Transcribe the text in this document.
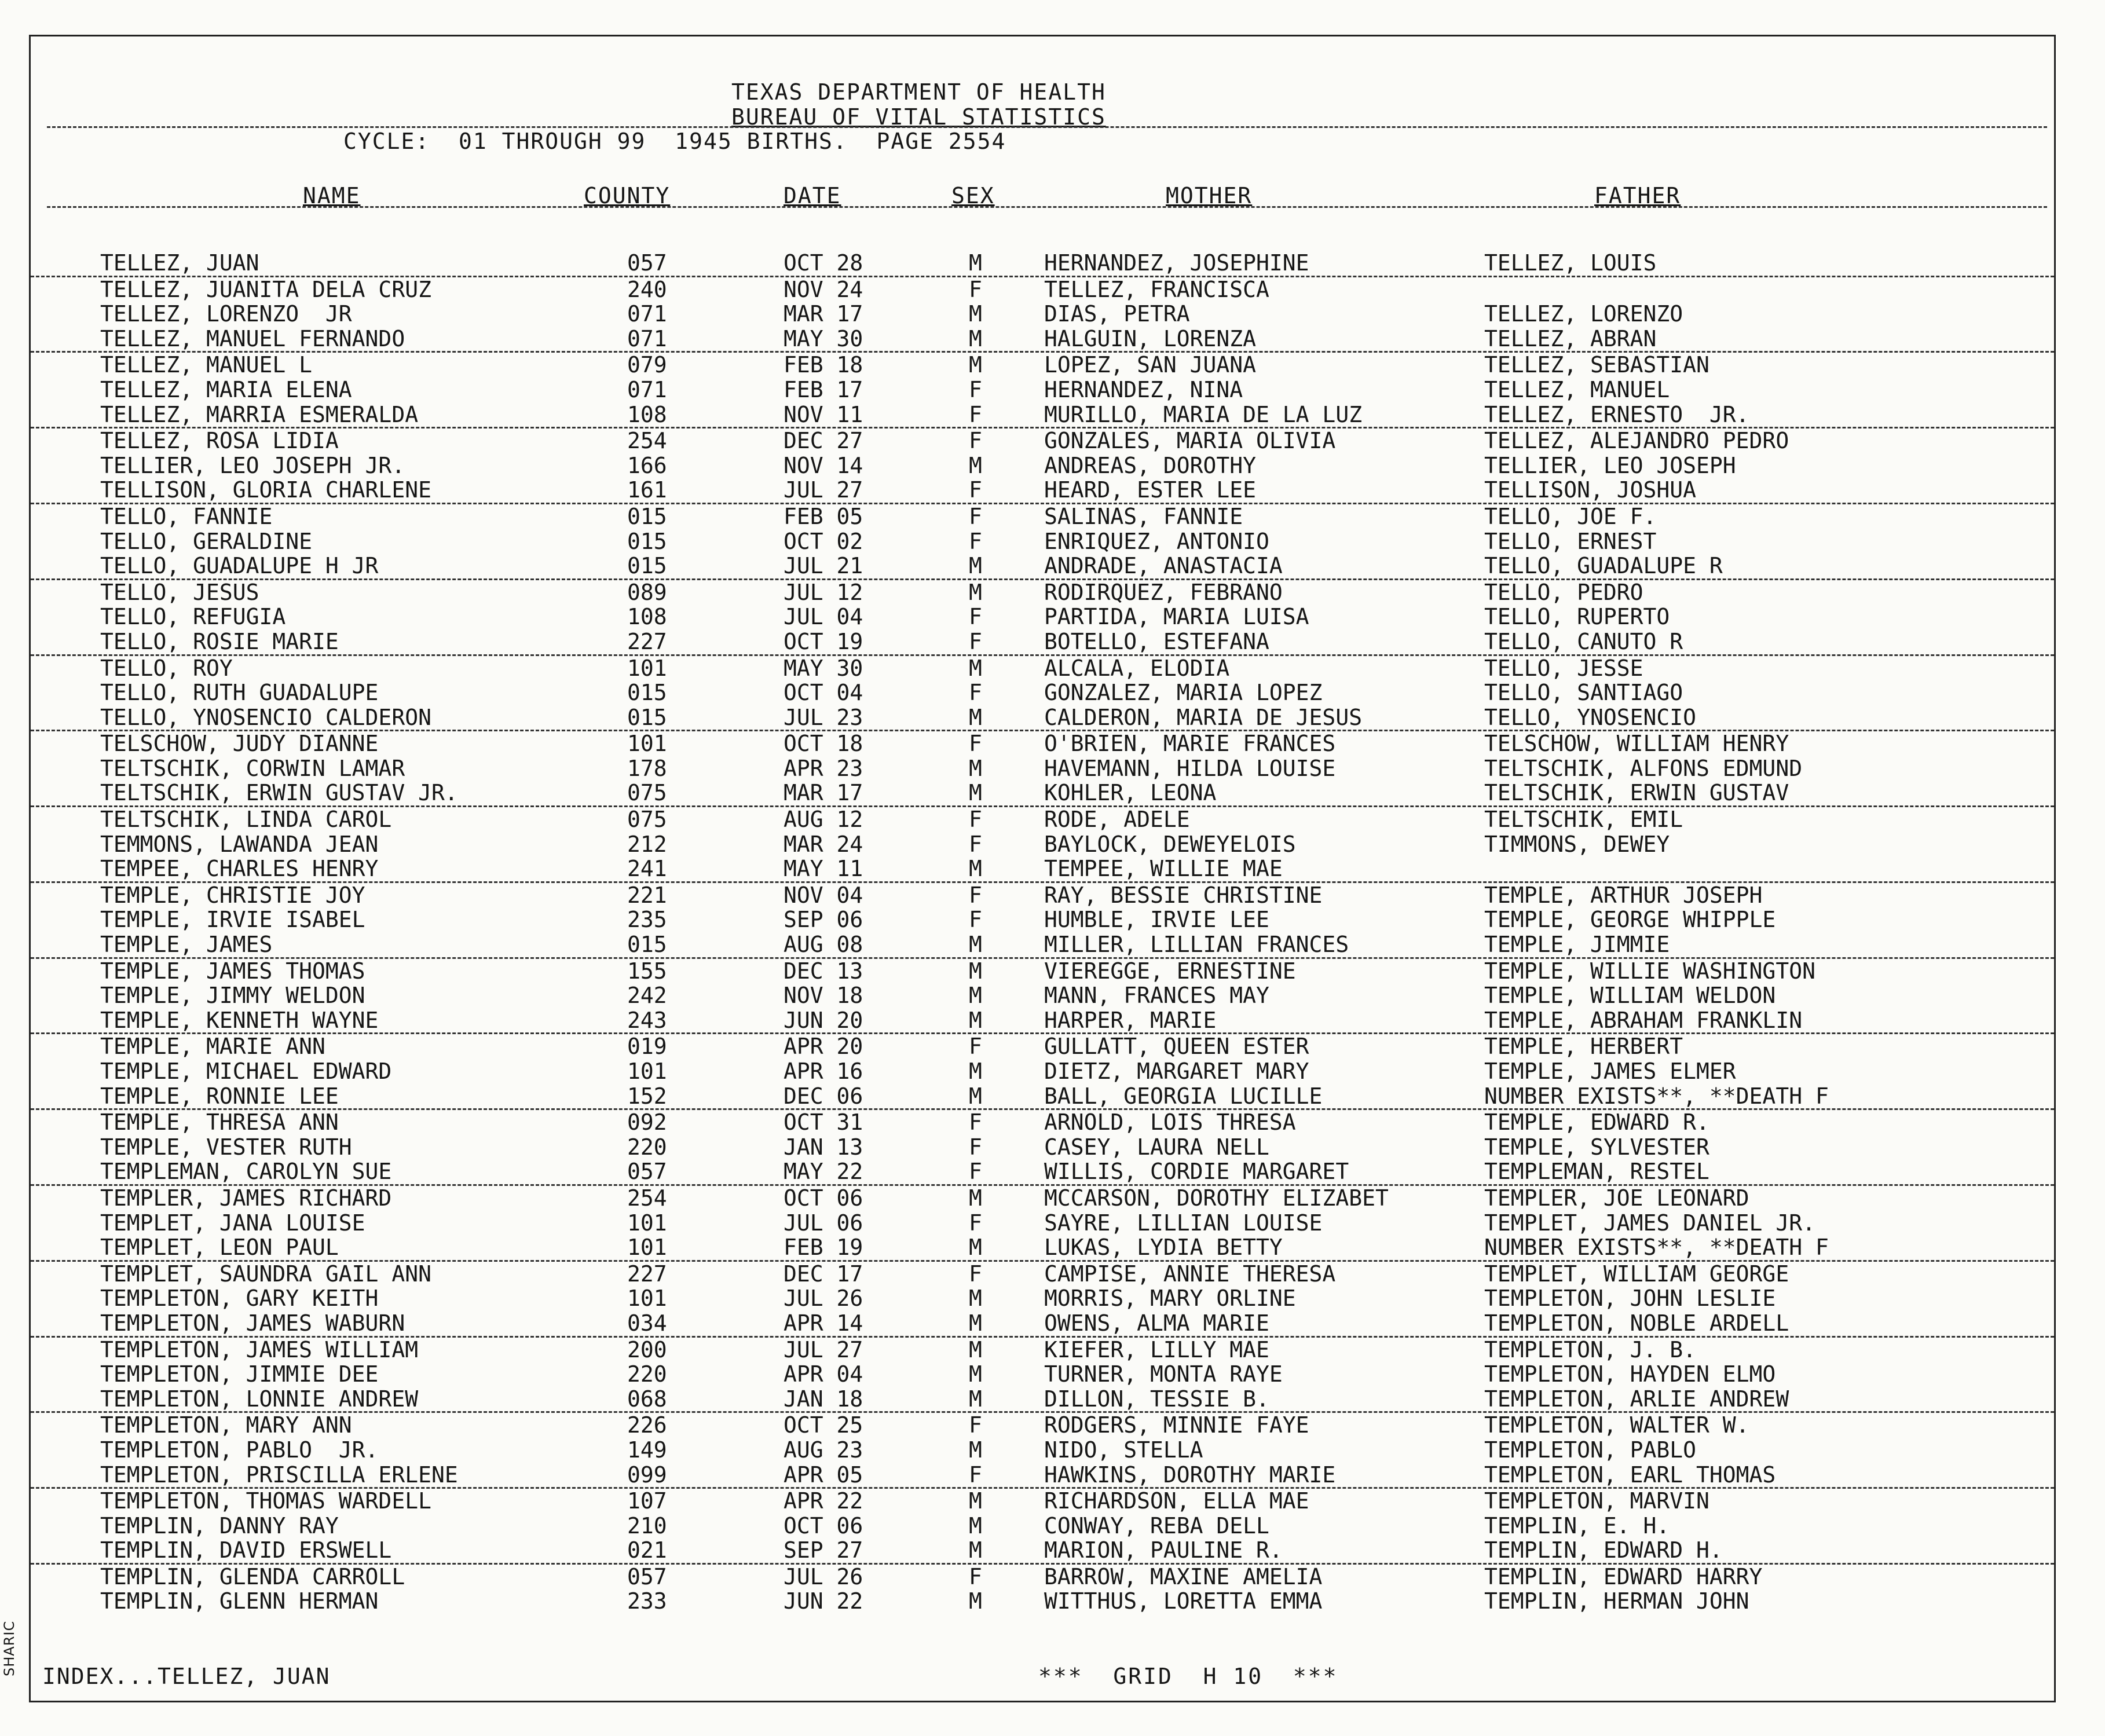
TEXAS DEPARTMENT OF HEALTH
BUREAU OF VITAL STATISTICS
CYCLE:  01 THROUGH 99  1945 BIRTHS.  PAGE 2554
NAME	COUNTY	DATE	SEX	MOTHER	FATHER
TELLEZ, JUAN	057	OCT 28	M	HERNANDEZ, JOSEPHINE	TELLEZ, LOUIS
TELLEZ, JUANITA DELA CRUZ	240	NOV 24	F	TELLEZ, FRANCISCA
TELLEZ, LORENZO  JR	071	MAR 17	M	DIAS, PETRA	TELLEZ, LORENZO
TELLEZ, MANUEL FERNANDO	071	MAY 30	M	HALGUIN, LORENZA	TELLEZ, ABRAN
TELLEZ, MANUEL L	079	FEB 18	M	LOPEZ, SAN JUANA	TELLEZ, SEBASTIAN
TELLEZ, MARIA ELENA	071	FEB 17	F	HERNANDEZ, NINA	TELLEZ, MANUEL
TELLEZ, MARRIA ESMERALDA	108	NOV 11	F	MURILLO, MARIA DE LA LUZ	TELLEZ, ERNESTO  JR.
TELLEZ, ROSA LIDIA	254	DEC 27	F	GONZALES, MARIA OLIVIA	TELLEZ, ALEJANDRO PEDRO
TELLIER, LEO JOSEPH JR.	166	NOV 14	M	ANDREAS, DOROTHY	TELLIER, LEO JOSEPH
TELLISON, GLORIA CHARLENE	161	JUL 27	F	HEARD, ESTER LEE	TELLISON, JOSHUA
TELLO, FANNIE	015	FEB 05	F	SALINAS, FANNIE	TELLO, JOE F.
TELLO, GERALDINE	015	OCT 02	F	ENRIQUEZ, ANTONIO	TELLO, ERNEST
TELLO, GUADALUPE H JR	015	JUL 21	M	ANDRADE, ANASTACIA	TELLO, GUADALUPE R
TELLO, JESUS	089	JUL 12	M	RODIRQUEZ, FEBRANO	TELLO, PEDRO
TELLO, REFUGIA	108	JUL 04	F	PARTIDA, MARIA LUISA	TELLO, RUPERTO
TELLO, ROSIE MARIE	227	OCT 19	F	BOTELLO, ESTEFANA	TELLO, CANUTO R
TELLO, ROY	101	MAY 30	M	ALCALA, ELODIA	TELLO, JESSE
TELLO, RUTH GUADALUPE	015	OCT 04	F	GONZALEZ, MARIA LOPEZ	TELLO, SANTIAGO
TELLO, YNOSENCIO CALDERON	015	JUL 23	M	CALDERON, MARIA DE JESUS	TELLO, YNOSENCIO
TELSCHOW, JUDY DIANNE	101	OCT 18	F	O'BRIEN, MARIE FRANCES	TELSCHOW, WILLIAM HENRY
TELTSCHIK, CORWIN LAMAR	178	APR 23	M	HAVEMANN, HILDA LOUISE	TELTSCHIK, ALFONS EDMUND
TELTSCHIK, ERWIN GUSTAV JR.	075	MAR 17	M	KOHLER, LEONA	TELTSCHIK, ERWIN GUSTAV
TELTSCHIK, LINDA CAROL	075	AUG 12	F	RODE, ADELE	TELTSCHIK, EMIL
TEMMONS, LAWANDA JEAN	212	MAR 24	F	BAYLOCK, DEWEYELOIS	TIMMONS, DEWEY
TEMPEE, CHARLES HENRY	241	MAY 11	M	TEMPEE, WILLIE MAE
TEMPLE, CHRISTIE JOY	221	NOV 04	F	RAY, BESSIE CHRISTINE	TEMPLE, ARTHUR JOSEPH
TEMPLE, IRVIE ISABEL	235	SEP 06	F	HUMBLE, IRVIE LEE	TEMPLE, GEORGE WHIPPLE
TEMPLE, JAMES	015	AUG 08	M	MILLER, LILLIAN FRANCES	TEMPLE, JIMMIE
TEMPLE, JAMES THOMAS	155	DEC 13	M	VIEREGGE, ERNESTINE	TEMPLE, WILLIE WASHINGTON
TEMPLE, JIMMY WELDON	242	NOV 18	M	MANN, FRANCES MAY	TEMPLE, WILLIAM WELDON
TEMPLE, KENNETH WAYNE	243	JUN 20	M	HARPER, MARIE	TEMPLE, ABRAHAM FRANKLIN
TEMPLE, MARIE ANN	019	APR 20	F	GULLATT, QUEEN ESTER	TEMPLE, HERBERT
TEMPLE, MICHAEL EDWARD	101	APR 16	M	DIETZ, MARGARET MARY	TEMPLE, JAMES ELMER
TEMPLE, RONNIE LEE	152	DEC 06	M	BALL, GEORGIA LUCILLE	NUMBER EXISTS**, **DEATH F
TEMPLE, THRESA ANN	092	OCT 31	F	ARNOLD, LOIS THRESA	TEMPLE, EDWARD R.
TEMPLE, VESTER RUTH	220	JAN 13	F	CASEY, LAURA NELL	TEMPLE, SYLVESTER
TEMPLEMAN, CAROLYN SUE	057	MAY 22	F	WILLIS, CORDIE MARGARET	TEMPLEMAN, RESTEL
TEMPLER, JAMES RICHARD	254	OCT 06	M	MCCARSON, DOROTHY ELIZABET	TEMPLER, JOE LEONARD
TEMPLET, JANA LOUISE	101	JUL 06	F	SAYRE, LILLIAN LOUISE	TEMPLET, JAMES DANIEL JR.
TEMPLET, LEON PAUL	101	FEB 19	M	LUKAS, LYDIA BETTY	NUMBER EXISTS**, **DEATH F
TEMPLET, SAUNDRA GAIL ANN	227	DEC 17	F	CAMPISE, ANNIE THERESA	TEMPLET, WILLIAM GEORGE
TEMPLETON, GARY KEITH	101	JUL 26	M	MORRIS, MARY ORLINE	TEMPLETON, JOHN LESLIE
TEMPLETON, JAMES WABURN	034	APR 14	M	OWENS, ALMA MARIE	TEMPLETON, NOBLE ARDELL
TEMPLETON, JAMES WILLIAM	200	JUL 27	M	KIEFER, LILLY MAE	TEMPLETON, J. B.
TEMPLETON, JIMMIE DEE	220	APR 04	M	TURNER, MONTA RAYE	TEMPLETON, HAYDEN ELMO
TEMPLETON, LONNIE ANDREW	068	JAN 18	M	DILLON, TESSIE B.	TEMPLETON, ARLIE ANDREW
TEMPLETON, MARY ANN	226	OCT 25	F	RODGERS, MINNIE FAYE	TEMPLETON, WALTER W.
TEMPLETON, PABLO  JR.	149	AUG 23	M	NIDO, STELLA	TEMPLETON, PABLO
TEMPLETON, PRISCILLA ERLENE	099	APR 05	F	HAWKINS, DOROTHY MARIE	TEMPLETON, EARL THOMAS
TEMPLETON, THOMAS WARDELL	107	APR 22	M	RICHARDSON, ELLA MAE	TEMPLETON, MARVIN
TEMPLIN, DANNY RAY	210	OCT 06	M	CONWAY, REBA DELL	TEMPLIN, E. H.
TEMPLIN, DAVID ERSWELL	021	SEP 27	M	MARION, PAULINE R.	TEMPLIN, EDWARD H.
TEMPLIN, GLENDA CARROLL	057	JUL 26	F	BARROW, MAXINE AMELIA	TEMPLIN, EDWARD HARRY
TEMPLIN, GLENN HERMAN	233	JUN 22	M	WITTHUS, LORETTA EMMA	TEMPLIN, HERMAN JOHN
INDEX...TELLEZ, JUAN	***  GRID  H 10  ***
SHARIC
